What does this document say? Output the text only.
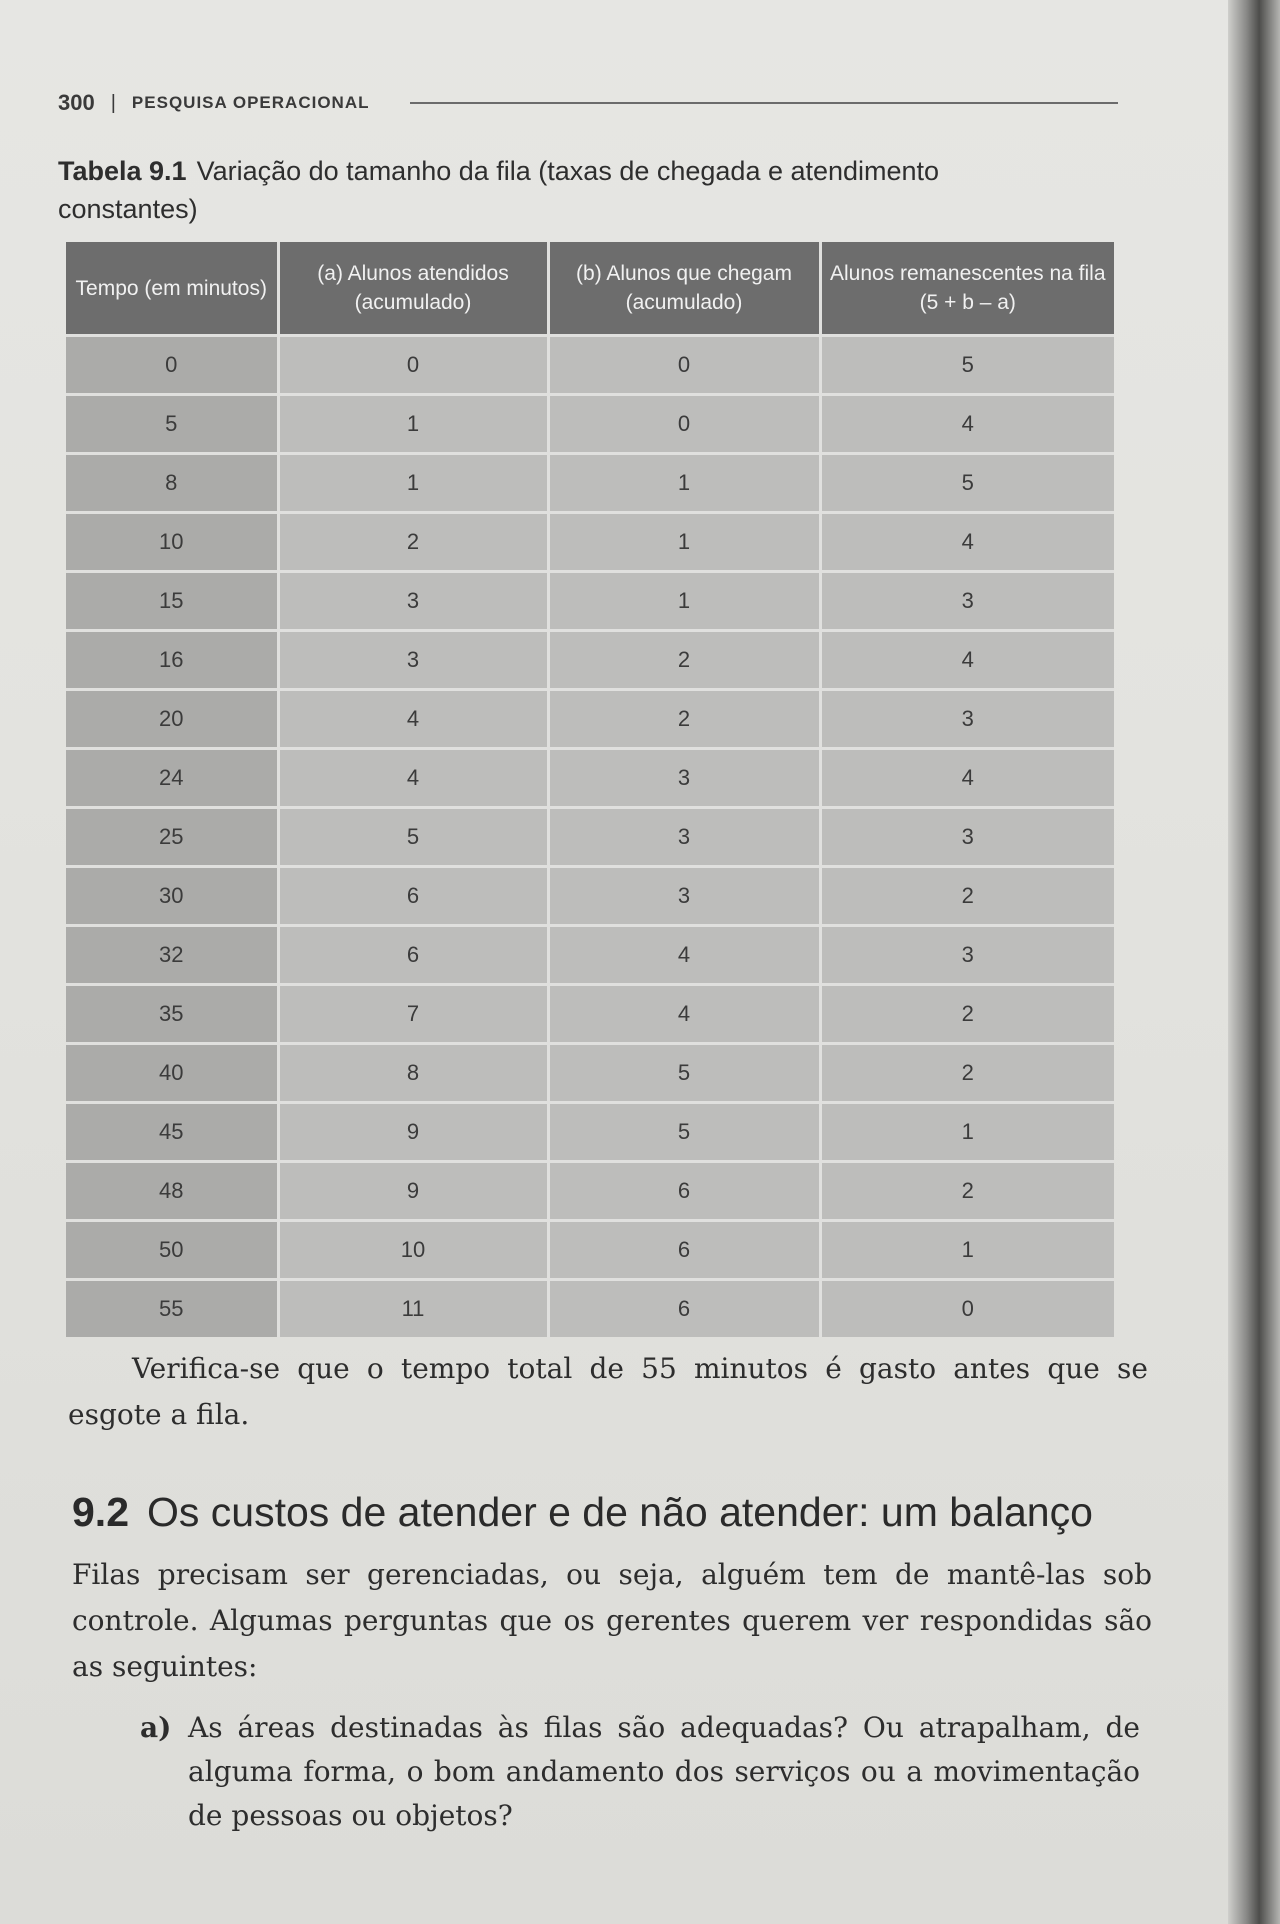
300 | PESQUISA OPERACIONAL
Tabela 9.1 Variação do tamanho da fila (taxas de chegada e atendimento constantes)
Tempo (em minutos)	(a) Alunos atendidos (acumulado)	(b) Alunos que chegam (acumulado)	Alunos remanescentes na fila (5 + b – a)
0	0	0	5
5	1	0	4
8	1	1	5
10	2	1	4
15	3	1	3
16	3	2	4
20	4	2	3
24	4	3	4
25	5	3	3
30	6	3	2
32	6	4	3
35	7	4	2
40	8	5	2
45	9	5	1
48	9	6	2
50	10	6	1
55	11	6	0
Verifica-se que o tempo total de 55 minutos é gasto antes que se esgote a fila.
9.2 Os custos de atender e de não atender: um balanço
Filas precisam ser gerenciadas, ou seja, alguém tem de mantê-las sob controle. Algumas perguntas que os gerentes querem ver respondidas são as seguintes:
a) As áreas destinadas às filas são adequadas? Ou atrapalham, de alguma forma, o bom andamento dos serviços ou a movimentação de pessoas ou objetos?
